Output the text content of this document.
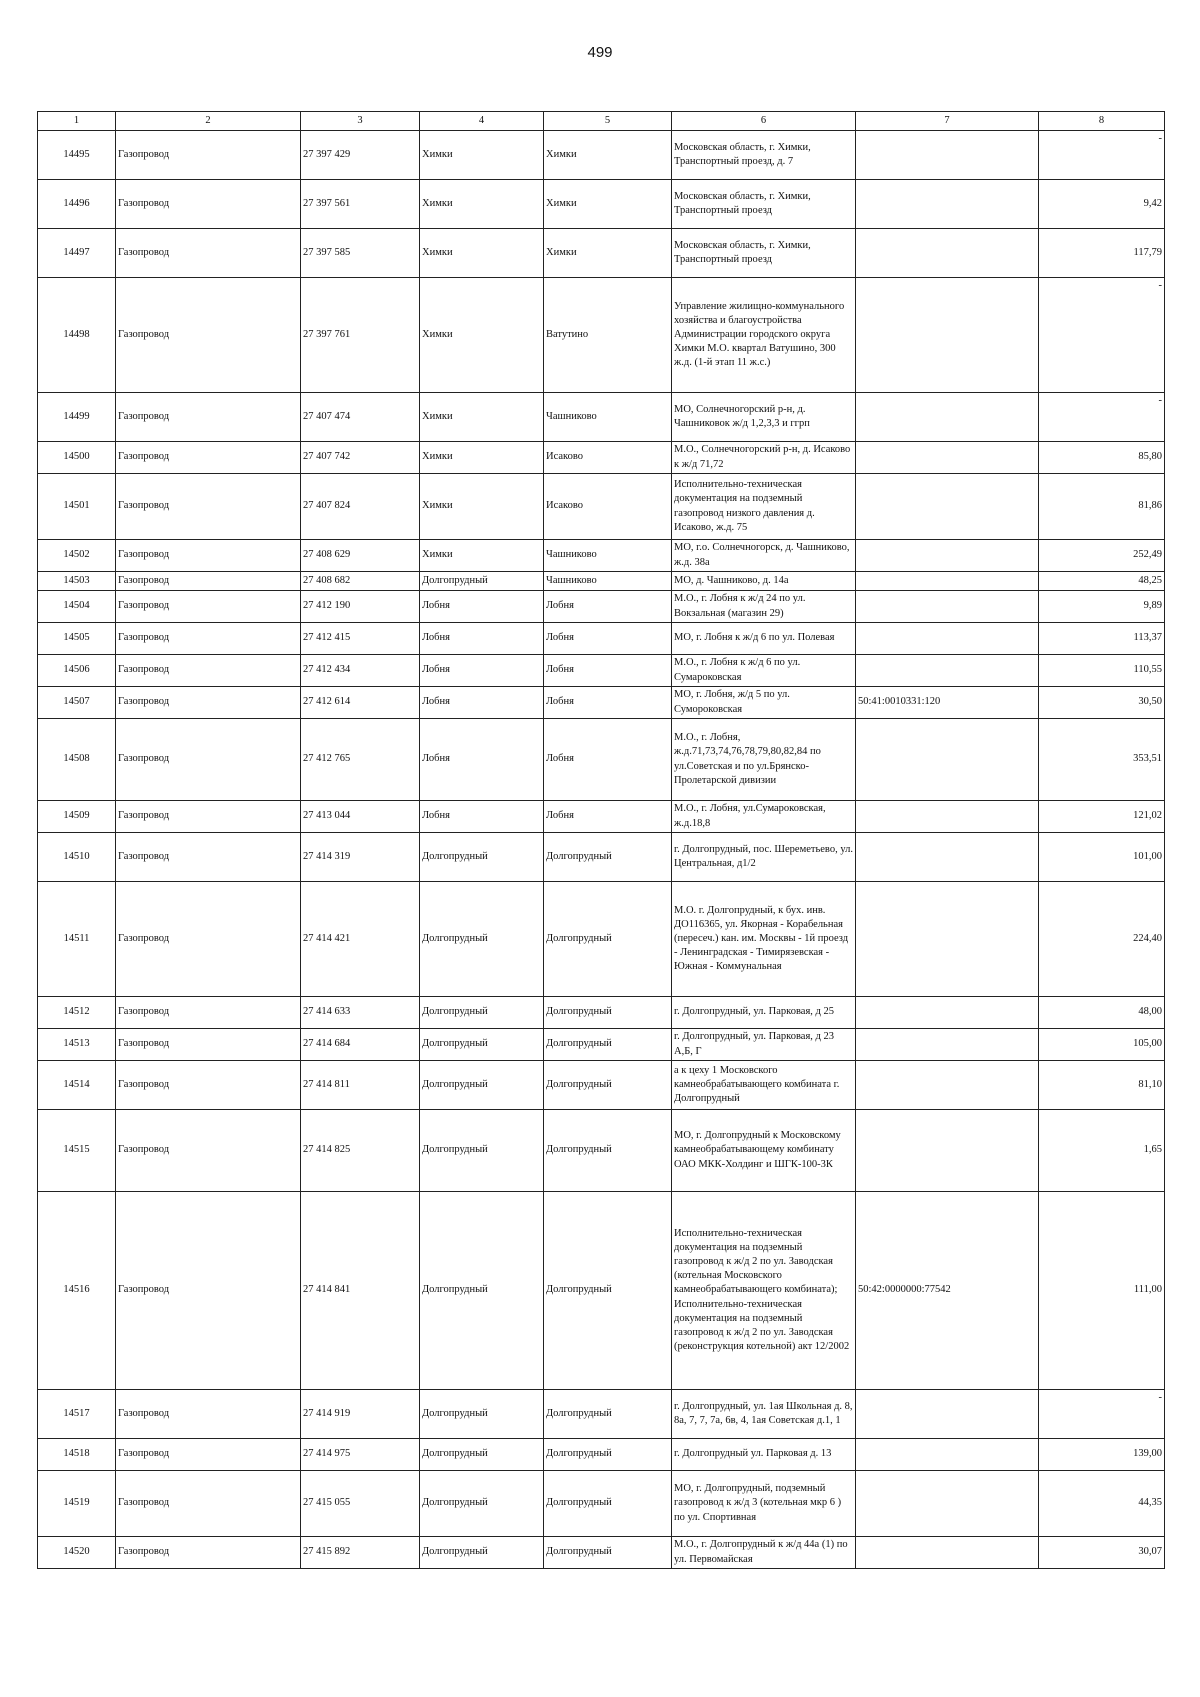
499
1	2	3	4	5	6	7	8
14495	Газопровод	27 397 429	Химки	Химки	Московская область, г. Химки, Транспортный проезд, д. 7		-
14496	Газопровод	27 397 561	Химки	Химки	Московская область, г. Химки, Транспортный проезд		9,42
14497	Газопровод	27 397 585	Химки	Химки	Московская область, г. Химки, Транспортный проезд		117,79
14498	Газопровод	27 397 761	Химки	Ватутино	Управление жилищно-коммунального хозяйства и благоустройства Администрации городского округа Химки М.О. квартал Ватушино, 300 ж.д. (1-й этап 11 ж.с.)		-
14499	Газопровод	27 407 474	Химки	Чашниково	МО, Солнечногорский р-н, д. Чашниковок ж/д 1,2,3,3 и ггрп		-
14500	Газопровод	27 407 742	Химки	Исаково	М.О., Солнечногорский р-н, д. Исаково к ж/д 71,72		85,80
14501	Газопровод	27 407 824	Химки	Исаково	Исполнительно-техническая документация на подземный газопровод низкого давления д. Исаково, ж.д. 75		81,86
14502	Газопровод	27 408 629	Химки	Чашниково	МО, г.о. Солнечногорск, д. Чашниково, ж.д. 38а		252,49
14503	Газопровод	27 408 682	Долгопрудный	Чашниково	МО, д. Чашниково, д. 14а		48,25
14504	Газопровод	27 412 190	Лобня	Лобня	М.О., г. Лобня к ж/д 24 по ул. Вокзальная (магазин 29)		9,89
14505	Газопровод	27 412 415	Лобня	Лобня	МО, г. Лобня к ж/д 6 по ул. Полевая		113,37
14506	Газопровод	27 412 434	Лобня	Лобня	М.О., г. Лобня к ж/д 6 по ул. Сумароковская		110,55
14507	Газопровод	27 412 614	Лобня	Лобня	МО, г. Лобня, ж/д 5 по ул. Сумороковская	50:41:0010331:120	30,50
14508	Газопровод	27 412 765	Лобня	Лобня	М.О., г. Лобня, ж.д.71,73,74,76,78,79,80,82,84 по ул.Советская и по ул.Брянско-Пролетарской дивизии		353,51
14509	Газопровод	27 413 044	Лобня	Лобня	М.О., г. Лобня, ул.Сумароковская, ж.д.18,8		121,02
14510	Газопровод	27 414 319	Долгопрудный	Долгопрудный	г. Долгопрудный, пос. Шереметьево, ул. Центральная, д1/2		101,00
14511	Газопровод	27 414 421	Долгопрудный	Долгопрудный	М.О. г. Долгопрудный, к бух. инв. ДО116365, ул. Якорная - Корабельная (пересеч.) кан. им. Москвы - 1й проезд - Ленинградская - Тимирязевская - Южная - Коммунальная		224,40
14512	Газопровод	27 414 633	Долгопрудный	Долгопрудный	г. Долгопрудный, ул. Парковая, д 25		48,00
14513	Газопровод	27 414 684	Долгопрудный	Долгопрудный	г. Долгопрудный, ул. Парковая, д 23 А,Б, Г		105,00
14514	Газопровод	27 414 811	Долгопрудный	Долгопрудный	а к цеху 1 Московского камнеобрабатывающего комбината г. Долгопрудный		81,10
14515	Газопровод	27 414 825	Долгопрудный	Долгопрудный	МО, г. Долгопрудный к Московскому камнеобрабатывающему комбинату ОАО МКК-Холдинг и ШГК-100-3К		1,65
14516	Газопровод	27 414 841	Долгопрудный	Долгопрудный	Исполнительно-техническая документация на подземный газопровод к ж/д 2 по ул. Заводская (котельная Московского камнеобрабатывающего комбината); Исполнительно-техническая документация на подземный газопровод к ж/д 2 по ул. Заводская (реконструкция котельной) акт 12/2002	50:42:0000000:77542	111,00
14517	Газопровод	27 414 919	Долгопрудный	Долгопрудный	г. Долгопрудный, ул. 1ая Школьная д. 8, 8а, 7, 7, 7а, 6в, 4, 1ая Советская д.1, 1		-
14518	Газопровод	27 414 975	Долгопрудный	Долгопрудный	г. Долгопрудный ул. Парковая д. 13		139,00
14519	Газопровод	27 415 055	Долгопрудный	Долгопрудный	МО, г. Долгопрудный, подземный газопровод к ж/д 3 (котельная мкр 6 ) по ул. Спортивная		44,35
14520	Газопровод	27 415 892	Долгопрудный	Долгопрудный	М.О., г. Долгопрудный к ж/д 44а (1) по ул. Первомайская		30,07
